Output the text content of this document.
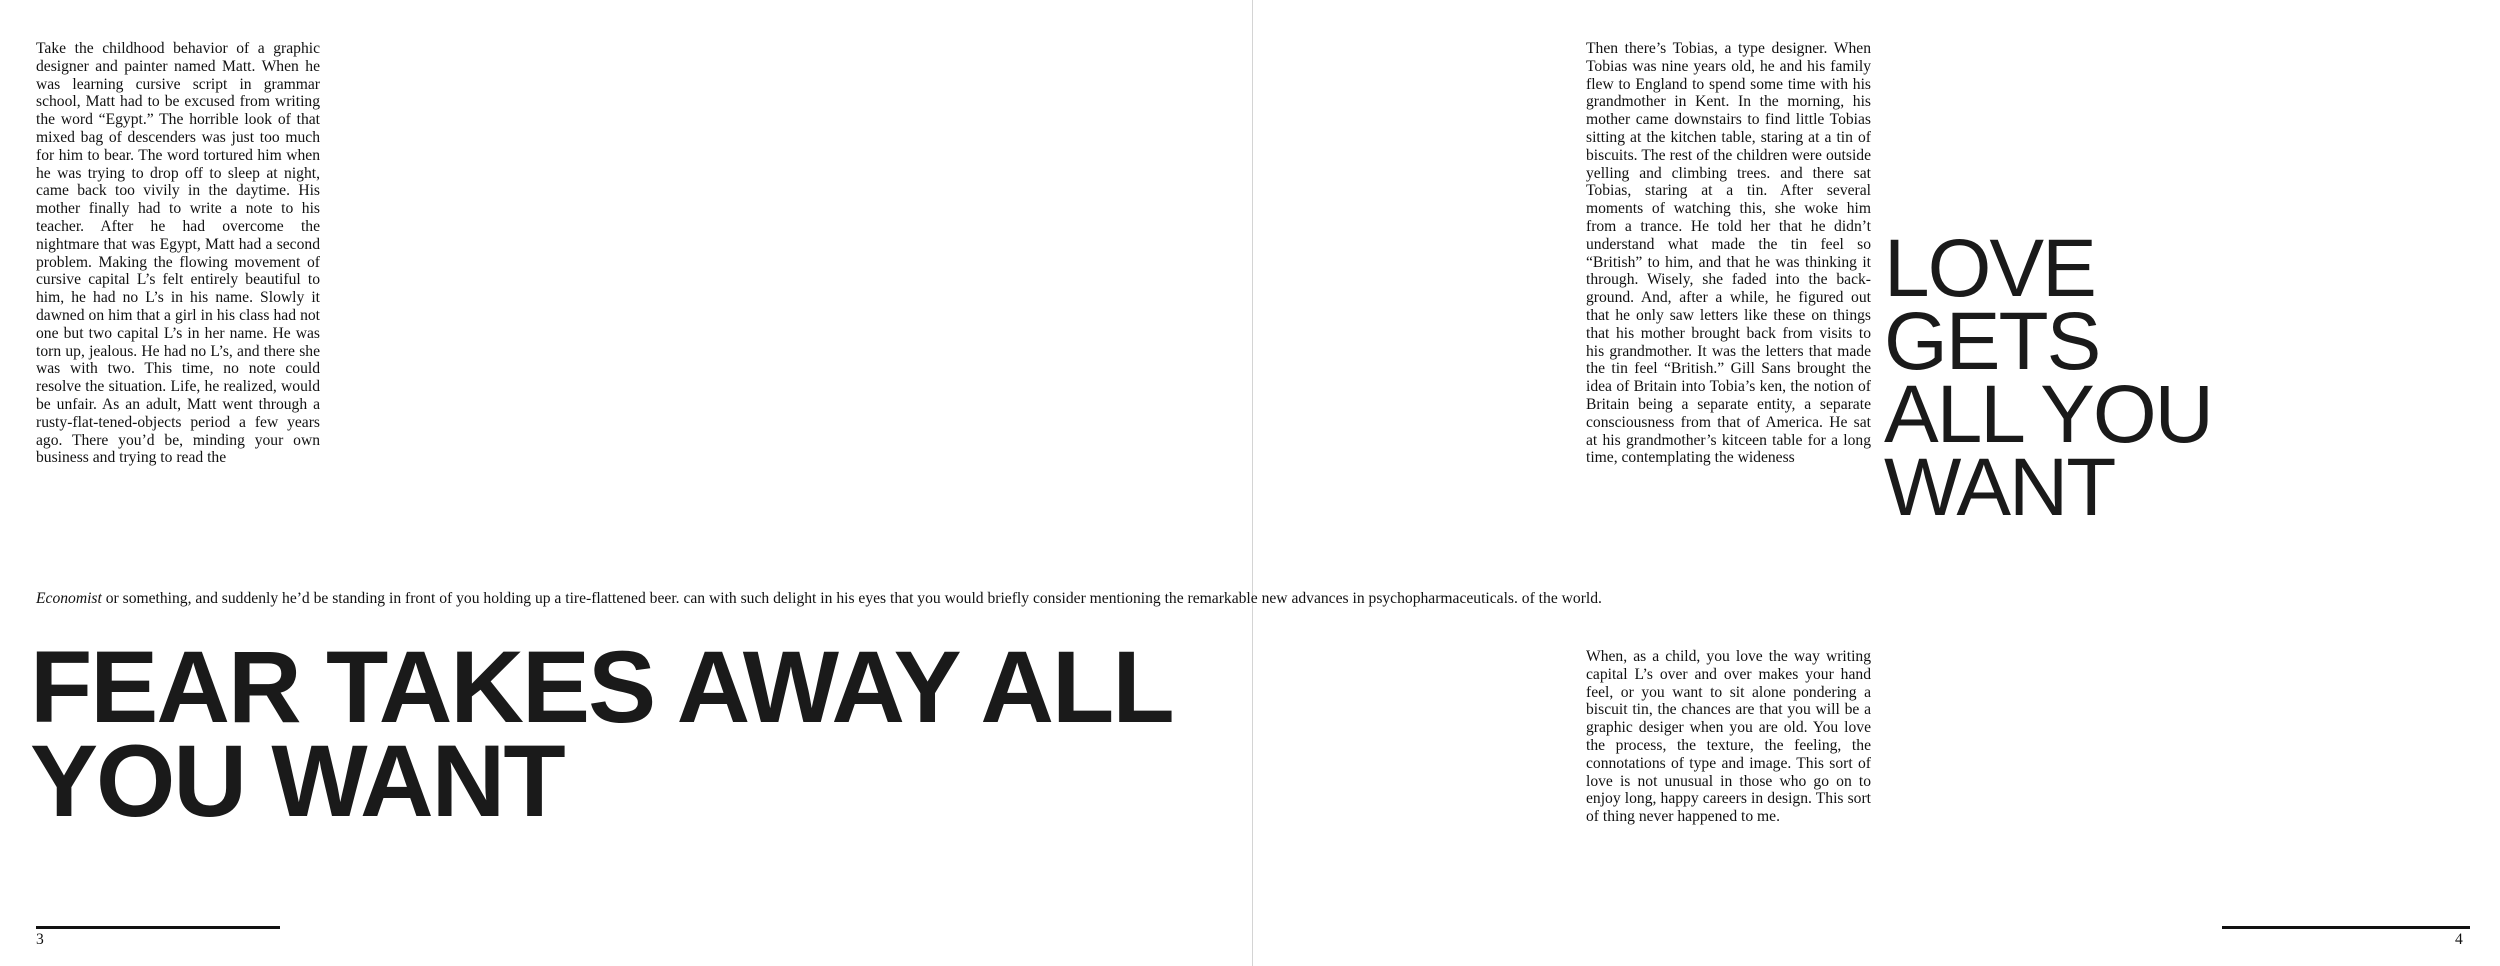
Take the childhood behavior of a graphic designer and painter named Matt. When he was learning cursive script in grammar school, Matt had to be excused from writing the word “Egypt.” The horrible look of that mixed bag of descenders was just too much for him to bear. The word tortured him when he was trying to drop off to sleep at night, came back too vivily in the daytime. His mother finally had to write a note to his teacher. After he had overcome the nightmare that was Egypt, Matt had a second problem. Making the flowing movement of cursive capital L’s felt entirely beautiful to him, he had no L’s in his name. Slowly it dawned on him that a girl in his class had not one but two capital L’s in her name. He was torn up, jealous. He had no L’s, and there she was with two. This time, no note could resolve the situation. Life, he realized, would be unfair. As an adult, Matt went through a rusty-flat-tened-objects period a few years ago. There you’d be, minding your own business and trying to read the

Economist or something, and suddenly he’d be standing in front of you holding up a tire-flattened beer. can with such delight in his eyes that you would briefly consider mentioning the remarkable new advances in psychopharmaceuticals. of the world.
FEAR TAKES AWAY ALL
YOU WANT
3

Then there’s Tobias, a type designer. When Tobias was nine years old, he and his family flew to England to spend some time with his grandmother in Kent. In the morning, his mother came downstairs to find little Tobias sitting at the kitchen table, staring at a tin of biscuits. The rest of the children were outside yelling and climbing trees. and there sat Tobias, staring at a tin. After several moments of watching this, she woke him from a trance. He told her that he didn’t understand what made the tin feel so “British” to him, and that he was thinking it through. Wisely, she faded into the back-ground. And, after a while, he figured out that he only saw letters like these on things that his mother brought back from visits to his grandmother. It was the letters that made the tin feel “British.” Gill Sans brought the idea of Britain into Tobia’s ken, the notion of Britain being a separate entity, a separate consciousness from that of America. He sat at his grandmother’s kitceen table for a long time, contemplating the wideness

LOVE
GETS
ALL YOU
WANT

When, as a child, you love the way writing capital L’s over and over makes your hand feel, or you want to sit alone pondering a biscuit tin, the chances are that you will be a graphic desiger when you are old. You love the process, the texture, the feeling, the connotations of type and image. This sort of love is not unusual in those who go on to enjoy long, happy careers in design. This sort of thing never happened to me.

4
